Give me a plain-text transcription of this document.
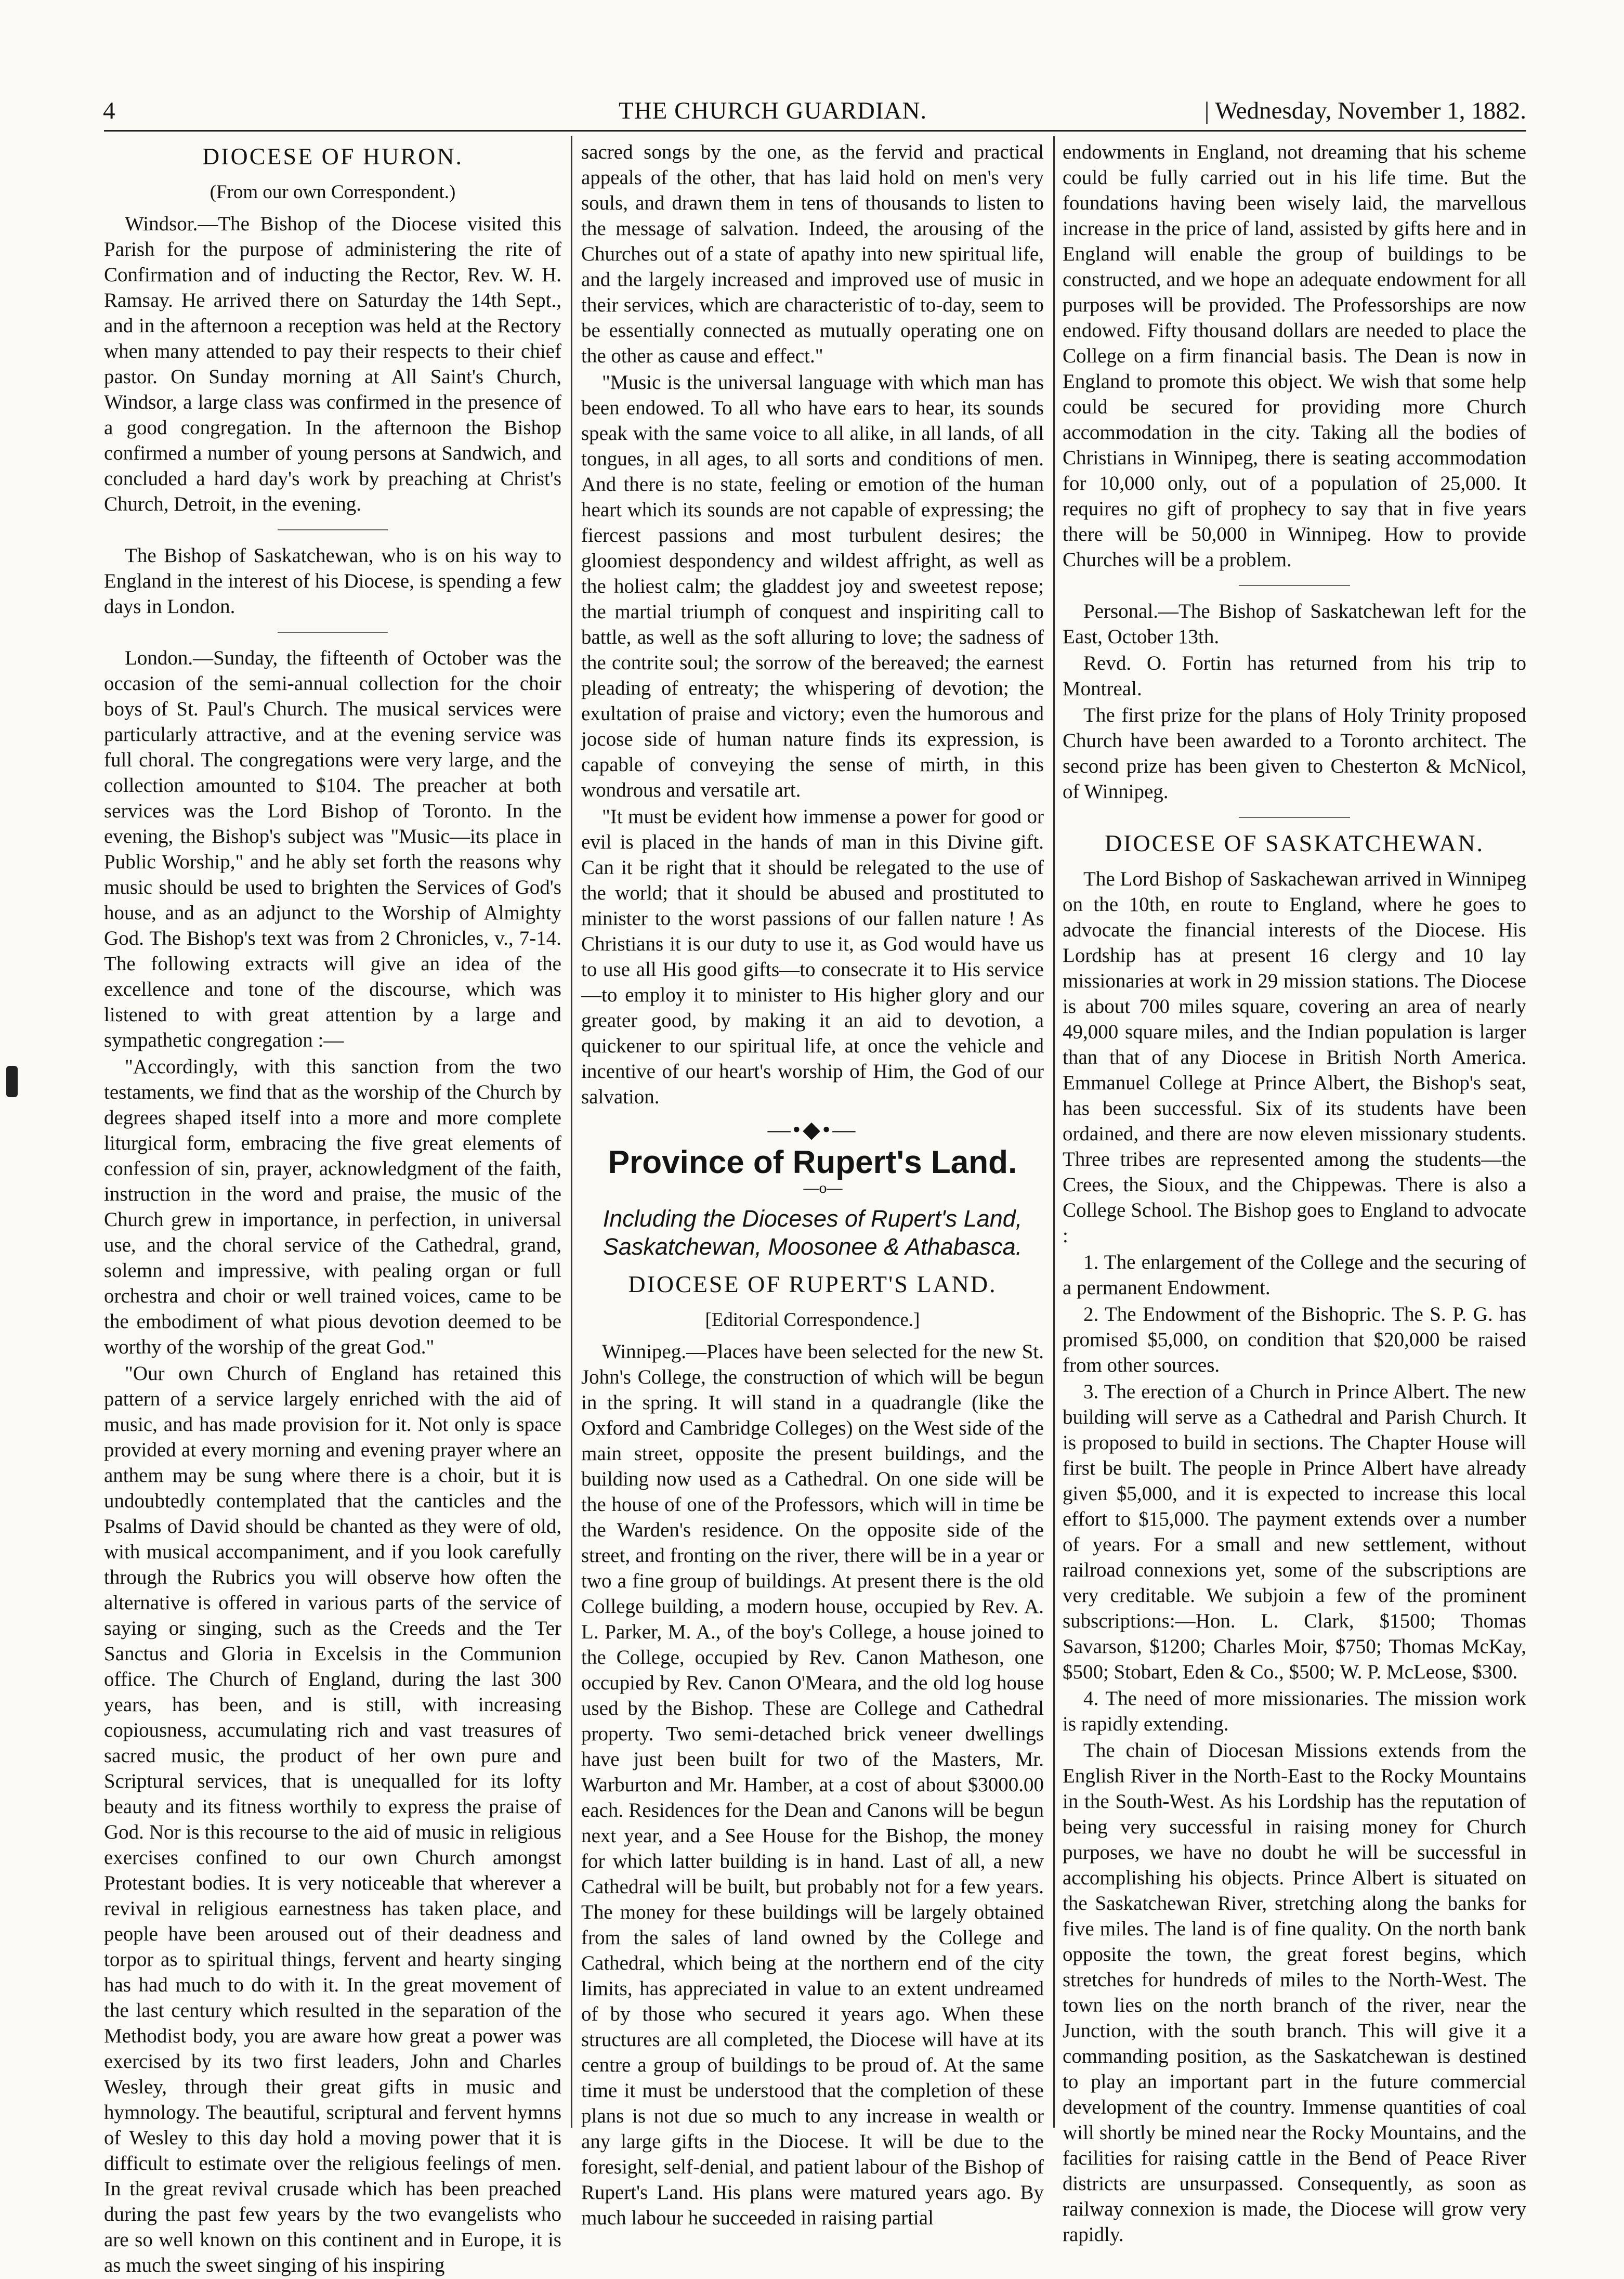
4	THE CHURCH GUARDIAN.	| Wednesday, November 1, 1882.
DIOCESE OF HURON.

(From our own Correspondent.)

Windsor.—The Bishop of the Diocese visited this Parish for the purpose of administering the rite of Confirmation and of inducting the Rector, Rev. W. H. Ramsay. He arrived there on Saturday the 14th Sept., and in the afternoon a reception was held at the Rectory when many attended to pay their respects to their chief pastor. On Sunday morning at All Saint's Church, Windsor, a large class was confirmed in the presence of a good congregation. In the afternoon the Bishop confirmed a number of young persons at Sandwich, and concluded a hard day's work by preaching at Christ's Church, Detroit, in the evening.

The Bishop of Saskatchewan, who is on his way to England in the interest of his Diocese, is spending a few days in London.

London.—Sunday, the fifteenth of October was the occasion of the semi-annual collection for the choir boys of St. Paul's Church. The musical services were particularly attractive, and at the evening service was full choral. The congregations were very large, and the collection amounted to $104. The preacher at both services was the Lord Bishop of Toronto. In the evening, the Bishop's subject was "Music—its place in Public Worship," and he ably set forth the reasons why music should be used to brighten the Services of God's house, and as an adjunct to the Worship of Almighty God. The Bishop's text was from 2 Chronicles, v., 7-14. The following extracts will give an idea of the excellence and tone of the discourse, which was listened to with great attention by a large and sympathetic congregation :—

"Accordingly, with this sanction from the two testaments, we find that as the worship of the Church by degrees shaped itself into a more and more complete liturgical form, embracing the five great elements of confession of sin, prayer, acknowledgment of the faith, instruction in the word and praise, the music of the Church grew in importance, in perfection, in universal use, and the choral service of the Cathedral, grand, solemn and impressive, with pealing organ or full orchestra and choir or well trained voices, came to be the embodiment of what pious devotion deemed to be worthy of the worship of the great God."

"Our own Church of England has retained this pattern of a service largely enriched with the aid of music, and has made provision for it. Not only is space provided at every morning and evening prayer where an anthem may be sung where there is a choir, but it is undoubtedly contemplated that the canticles and the Psalms of David should be chanted as they were of old, with musical accompaniment, and if you look carefully through the Rubrics you will observe how often the alternative is offered in various parts of the service of saying or singing, such as the Creeds and the Ter Sanctus and Gloria in Excelsis in the Communion office. The Church of England, during the last 300 years, has been, and is still, with increasing copiousness, accumulating rich and vast treasures of sacred music, the product of her own pure and Scriptural services, that is unequalled for its lofty beauty and its fitness worthily to express the praise of God. Nor is this recourse to the aid of music in religious exercises confined to our own Church amongst Protestant bodies. It is very noticeable that wherever a revival in religious earnestness has taken place, and people have been aroused out of their deadness and torpor as to spiritual things, fervent and hearty singing has had much to do with it. In the great movement of the last century which resulted in the separation of the Methodist body, you are aware how great a power was exercised by its two first leaders, John and Charles Wesley, through their great gifts in music and hymnology. The beautiful, scriptural and fervent hymns of Wesley to this day hold a moving power that it is difficult to estimate over the religious feelings of men. In the great revival crusade which has been preached during the past few years by the two evangelists who are so well known on this continent and in Europe, it is as much the sweet singing of his inspiring

sacred songs by the one, as the fervid and practical appeals of the other, that has laid hold on men's very souls, and drawn them in tens of thousands to listen to the message of salvation. Indeed, the arousing of the Churches out of a state of apathy into new spiritual life, and the largely increased and improved use of music in their services, which are characteristic of to-day, seem to be essentially connected as mutually operating one on the other as cause and effect."

"Music is the universal language with which man has been endowed. To all who have ears to hear, its sounds speak with the same voice to all alike, in all lands, of all tongues, in all ages, to all sorts and conditions of men. And there is no state, feeling or emotion of the human heart which its sounds are not capable of expressing; the fiercest passions and most turbulent desires; the gloomiest despondency and wildest affright, as well as the holiest calm; the gladdest joy and sweetest repose; the martial triumph of conquest and inspiriting call to battle, as well as the soft alluring to love; the sadness of the contrite soul; the sorrow of the bereaved; the earnest pleading of entreaty; the whispering of devotion; the exultation of praise and victory; even the humorous and jocose side of human nature finds its expression, is capable of conveying the sense of mirth, in this wondrous and versatile art.

"It must be evident how immense a power for good or evil is placed in the hands of man in this Divine gift. Can it be right that it should be relegated to the use of the world; that it should be abused and prostituted to minister to the worst passions of our fallen nature ! As Christians it is our duty to use it, as God would have us to use all His good gifts—to consecrate it to His service —to employ it to minister to His higher glory and our greater good, by making it an aid to devotion, a quickener to our spiritual life, at once the vehicle and incentive of our heart's worship of Him, the God of our salvation.

—•◆•—
Province of Rupert's Land.

—o—

Including the Dioceses of Rupert's Land, Saskatchewan, Moosonee & Athabasca.
DIOCESE OF RUPERT'S LAND.

[Editorial Correspondence.]

Winnipeg.—Places have been selected for the new St. John's College, the construction of which will be begun in the spring. It will stand in a quadrangle (like the Oxford and Cambridge Colleges) on the West side of the main street, opposite the present buildings, and the building now used as a Cathedral. On one side will be the house of one of the Professors, which will in time be the Warden's residence. On the opposite side of the street, and fronting on the river, there will be in a year or two a fine group of buildings. At present there is the old College building, a modern house, occupied by Rev. A. L. Parker, M. A., of the boy's College, a house joined to the College, occupied by Rev. Canon Matheson, one occupied by Rev. Canon O'Meara, and the old log house used by the Bishop. These are College and Cathedral property. Two semi-detached brick veneer dwellings have just been built for two of the Masters, Mr. Warburton and Mr. Hamber, at a cost of about $3000.00 each. Residences for the Dean and Canons will be begun next year, and a See House for the Bishop, the money for which latter building is in hand. Last of all, a new Cathedral will be built, but probably not for a few years. The money for these buildings will be largely obtained from the sales of land owned by the College and Cathedral, which being at the northern end of the city limits, has appreciated in value to an extent undreamed of by those who secured it years ago. When these structures are all completed, the Diocese will have at its centre a group of buildings to be proud of. At the same time it must be understood that the completion of these plans is not due so much to any increase in wealth or any large gifts in the Diocese. It will be due to the foresight, self-denial, and patient labour of the Bishop of Rupert's Land. His plans were matured years ago. By much labour he succeeded in raising partial

endowments in England, not dreaming that his scheme could be fully carried out in his life time. But the foundations having been wisely laid, the marvellous increase in the price of land, assisted by gifts here and in England will enable the group of buildings to be constructed, and we hope an adequate endowment for all purposes will be provided. The Professorships are now endowed. Fifty thousand dollars are needed to place the College on a firm financial basis. The Dean is now in England to promote this object. We wish that some help could be secured for providing more Church accommodation in the city. Taking all the bodies of Christians in Winnipeg, there is seating accommodation for 10,000 only, out of a population of 25,000. It requires no gift of prophecy to say that in five years there will be 50,000 in Winnipeg. How to provide Churches will be a problem.

Personal.—The Bishop of Saskatchewan left for the East, October 13th.

Revd. O. Fortin has returned from his trip to Montreal.

The first prize for the plans of Holy Trinity proposed Church have been awarded to a Toronto architect. The second prize has been given to Chesterton & McNicol, of Winnipeg.

DIOCESE OF SASKATCHEWAN.

The Lord Bishop of Saskachewan arrived in Winnipeg on the 10th, en route to England, where he goes to advocate the financial interests of the Diocese. His Lordship has at present 16 clergy and 10 lay missionaries at work in 29 mission stations. The Diocese is about 700 miles square, covering an area of nearly 49,000 square miles, and the Indian population is larger than that of any Diocese in British North America. Emmanuel College at Prince Albert, the Bishop's seat, has been successful. Six of its students have been ordained, and there are now eleven missionary students. Three tribes are represented among the students—the Crees, the Sioux, and the Chippewas. There is also a College School. The Bishop goes to England to advocate :

1. The enlargement of the College and the securing of a permanent Endowment.

2. The Endowment of the Bishopric. The S. P. G. has promised $5,000, on condition that $20,000 be raised from other sources.

3. The erection of a Church in Prince Albert. The new building will serve as a Cathedral and Parish Church. It is proposed to build in sections. The Chapter House will first be built. The people in Prince Albert have already given $5,000, and it is expected to increase this local effort to $15,000. The payment extends over a number of years. For a small and new settlement, without railroad connexions yet, some of the subscriptions are very creditable. We subjoin a few of the prominent subscriptions:—Hon. L. Clark, $1500; Thomas Savarson, $1200; Charles Moir, $750; Thomas McKay, $500; Stobart, Eden & Co., $500; W. P. McLeose, $300.

4. The need of more missionaries. The mission work is rapidly extending.

The chain of Diocesan Missions extends from the English River in the North-East to the Rocky Mountains in the South-West. As his Lordship has the reputation of being very successful in raising money for Church purposes, we have no doubt he will be successful in accomplishing his objects. Prince Albert is situated on the Saskatchewan River, stretching along the banks for five miles. The land is of fine quality. On the north bank opposite the town, the great forest begins, which stretches for hundreds of miles to the North-West. The town lies on the north branch of the river, near the Junction, with the south branch. This will give it a commanding position, as the Saskatchewan is destined to play an important part in the future commercial development of the country. Immense quantities of coal will shortly be mined near the Rocky Mountains, and the facilities for raising cattle in the Bend of Peace River districts are unsurpassed. Consequently, as soon as railway connexion is made, the Diocese will grow very rapidly.
